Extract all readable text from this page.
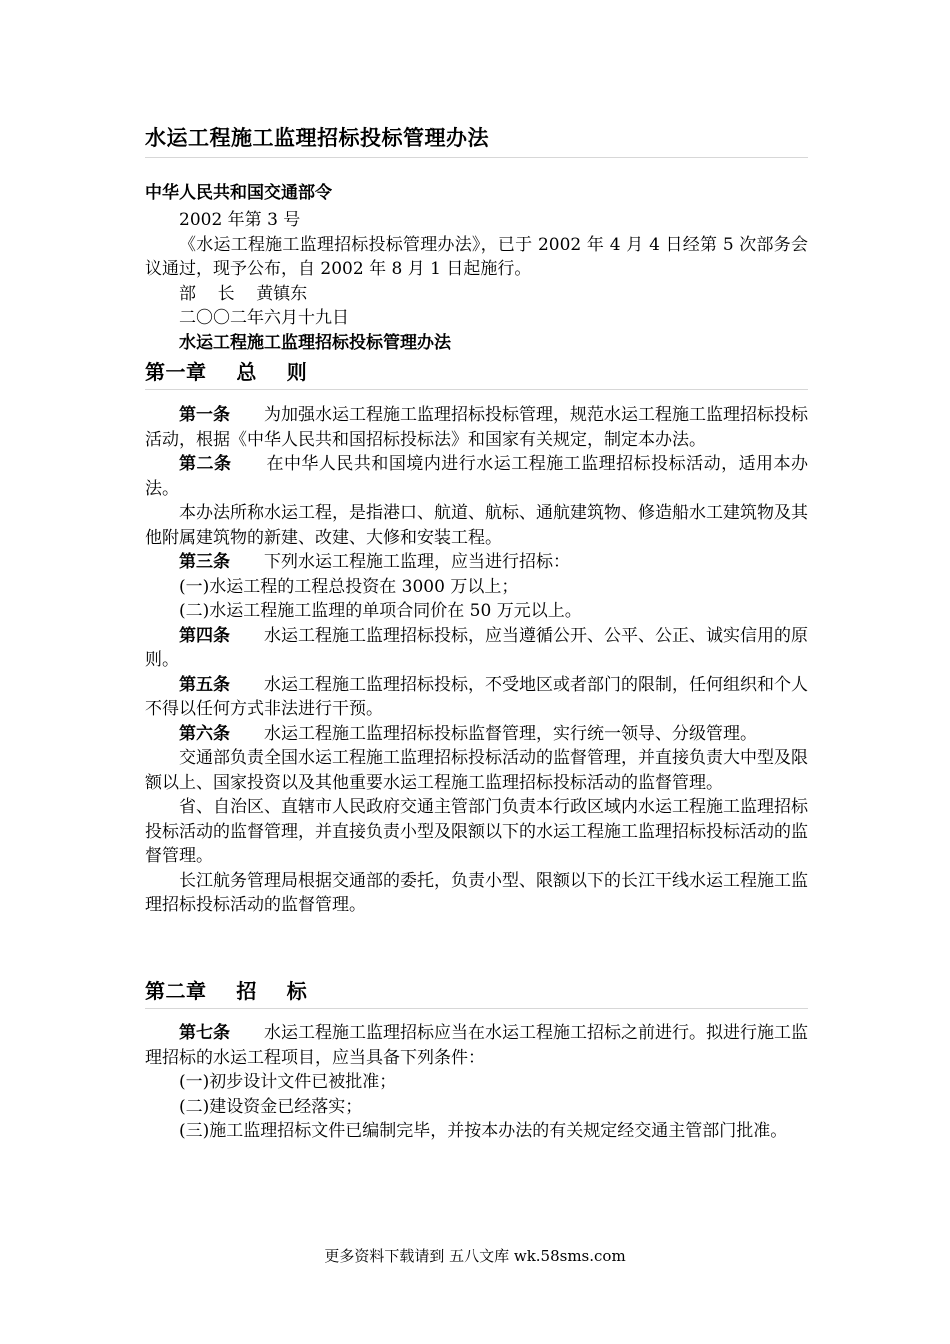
水运工程施工监理招标投标管理办法
中华人民共和国交通部令

2002 年第 3 号

《水运工程施工监理招标投标管理办法》，已于 2002 年 4 月 4 日经第 5 次部务会议通过，现予公布，自 2002 年 8 月 1 日起施行。

部    长    黄镇东

二〇〇二年六月十九日

水运工程施工监理招标投标管理办法

第一章    总    则

第一条　　 为加强水运工程施工监理招标投标管理，规范水运工程施工监理招标投标活动，根据《中华人民共和国招标投标法》和国家有关规定，制定本办法。

第二条　　 在中华人民共和国境内进行水运工程施工监理招标投标活动，适用本办法。

本办法所称水运工程，是指港口、航道、航标、通航建筑物、修造船水工建筑物及其他附属建筑物的新建、改建、大修和安装工程。

第三条　　 下列水运工程施工监理，应当进行招标：

(一)水运工程的工程总投资在 3000 万以上；

(二)水运工程施工监理的单项合同价在 50 万元以上。

第四条　　 水运工程施工监理招标投标，应当遵循公开、公平、公正、诚实信用的原则。

第五条　　 水运工程施工监理招标投标，不受地区或者部门的限制，任何组织和个人不得以任何方式非法进行干预。

第六条　　 水运工程施工监理招标投标监督管理，实行统一领导、分级管理。

交通部负责全国水运工程施工监理招标投标活动的监督管理，并直接负责大中型及限额以上、国家投资以及其他重要水运工程施工监理招标投标活动的监督管理。

省、自治区、直辖市人民政府交通主管部门负责本行政区域内水运工程施工监理招标投标活动的监督管理，并直接负责小型及限额以下的水运工程施工监理招标投标活动的监督管理。

长江航务管理局根据交通部的委托，负责小型、限额以下的长江干线水运工程施工监理招标投标活动的监督管理。

第二章    招    标

第七条　　 水运工程施工监理招标应当在水运工程施工招标之前进行。拟进行施工监理招标的水运工程项目，应当具备下列条件：

(一)初步设计文件已被批准；

(二)建设资金已经落实；

(三)施工监理招标文件已编制完毕，并按本办法的有关规定经交通主管部门批准。

更多资料下载请到 五八文库 wk.58sms.com
